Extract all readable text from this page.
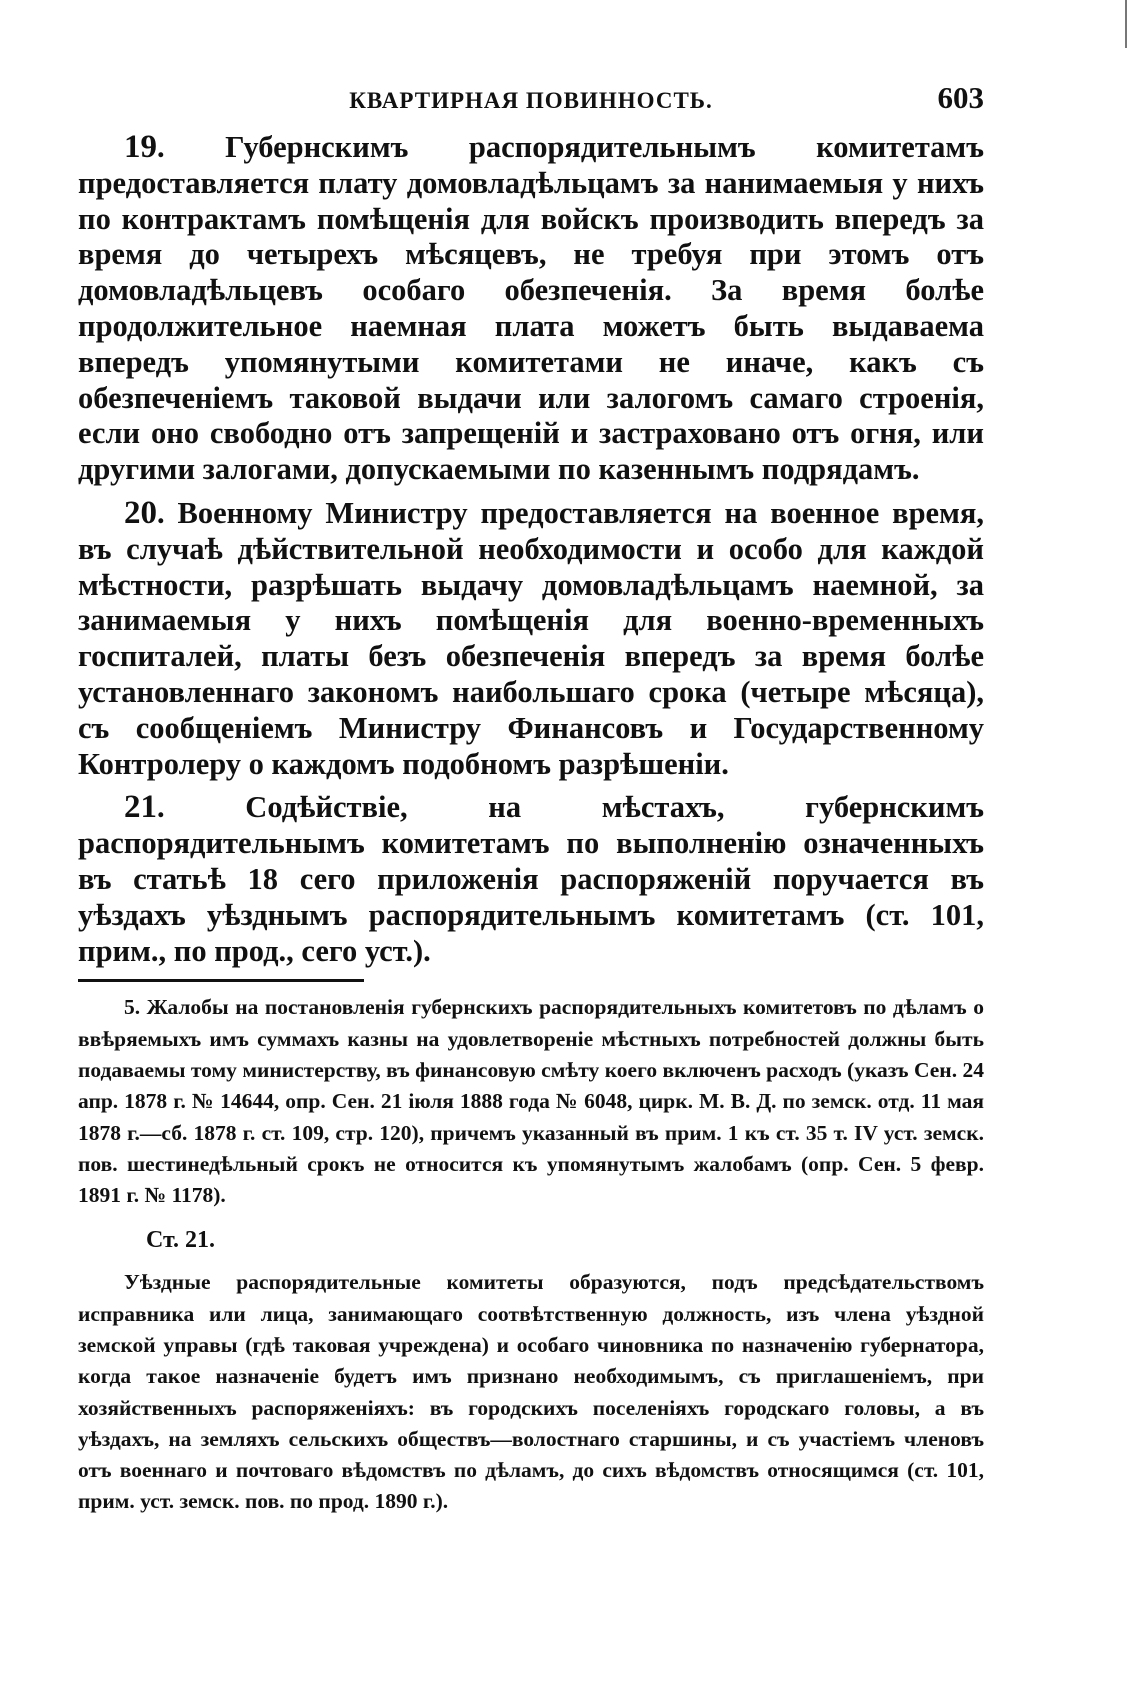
КВАРТИРНАЯ ПОВИННОСТЬ.	603

19. Губернскимъ распорядительнымъ комитетамъ предоставляется плату домовладѣльцамъ за нанимаемыя у нихъ по контрактамъ помѣщенія для войскъ производить впередъ за время до четырехъ мѣсяцевъ, не требуя при этомъ отъ домовладѣльцевъ особаго обезпеченія. За время болѣе продолжительное наемная плата можетъ быть выдаваема впередъ упомянутыми комитетами не иначе, какъ съ обезпеченіемъ таковой выдачи или залогомъ самаго строенія, если оно свободно отъ запрещеній и застраховано отъ огня, или другими залогами, допускаемыми по казеннымъ подрядамъ.

20. Военному Министру предоставляется на военное время, въ случаѣ дѣйствительной необходимости и особо для каждой мѣстности, разрѣшать выдачу домовладѣльцамъ наемной, за занимаемыя у нихъ помѣщенія для военно-временныхъ госпиталей, платы безъ обезпеченія впередъ за время болѣе установленнаго закономъ наибольшаго срока (четыре мѣсяца), съ сообщеніемъ Министру Финансовъ и Государственному Контролеру о каждомъ подобномъ разрѣшеніи.

21. Содѣйствіе, на мѣстахъ, губернскимъ распорядительнымъ комитетамъ по выполненію означенныхъ въ статьѣ 18 сего приложенія распоряженій поручается въ уѣздахъ уѣзднымъ распорядительнымъ комитетамъ (ст. 101, прим., по прод., сего уст.).

5. Жалобы на постановленія губернскихъ распорядительныхъ комитетовъ по дѣламъ о ввѣряемыхъ имъ суммахъ казны на удовлетвореніе мѣстныхъ потребностей должны быть подаваемы тому министерству, въ финансовую смѣту коего включенъ расходъ (указъ Сен. 24 апр. 1878 г. № 14644, опр. Сен. 21 іюля 1888 года № 6048, цирк. М. В. Д. по земск. отд. 11 мая 1878 г.—сб. 1878 г. ст. 109, стр. 120), причемъ указанный въ прим. 1 къ ст. 35 т. IV уст. земск. пов. шестинедѣльный срокъ не относится къ упомянутымъ жалобамъ (опр. Сен. 5 февр. 1891 г. № 1178).

Ст. 21.

Уѣздные распорядительные комитеты образуются, подъ предсѣдательствомъ исправника или лица, занимающаго соотвѣтственную должность, изъ члена уѣздной земской управы (гдѣ таковая учреждена) и особаго чиновника по назначенію губернатора, когда такое назначеніе будетъ имъ признано необходимымъ, съ приглашеніемъ, при хозяйственныхъ распоряженіяхъ: въ городскихъ поселеніяхъ городскаго головы, а въ уѣздахъ, на земляхъ сельскихъ обществъ—волостнаго старшины, и съ участіемъ членовъ отъ военнаго и почтоваго вѣдомствъ по дѣламъ, до сихъ вѣдомствъ относящимся (ст. 101, прим. уст. земск. пов. по прод. 1890 г.).
